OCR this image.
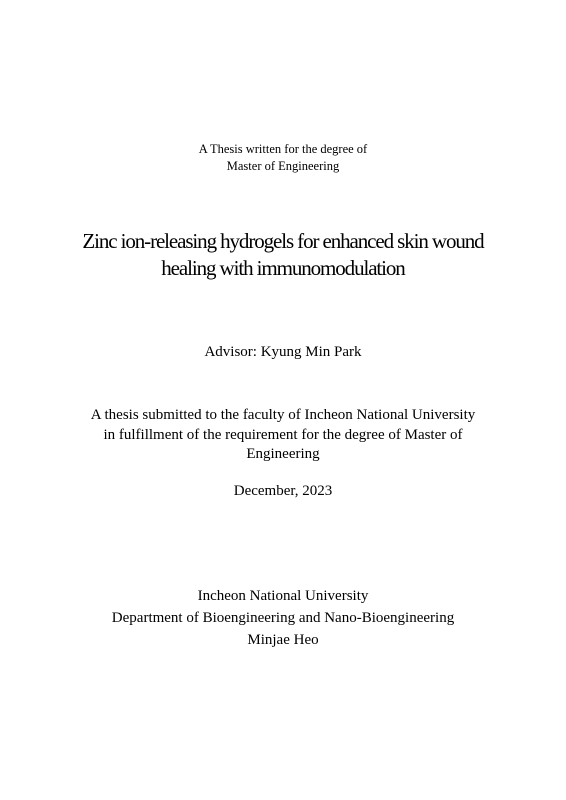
A Thesis written for the degree of
Master of Engineering
Zinc ion-releasing hydrogels for enhanced skin wound
healing with immunomodulation
Advisor: Kyung Min Park
A thesis submitted to the faculty of Incheon National University
in fulfillment of the requirement for the degree of Master of
Engineering
December, 2023
Incheon National University
Department of Bioengineering and Nano-Bioengineering
Minjae Heo
